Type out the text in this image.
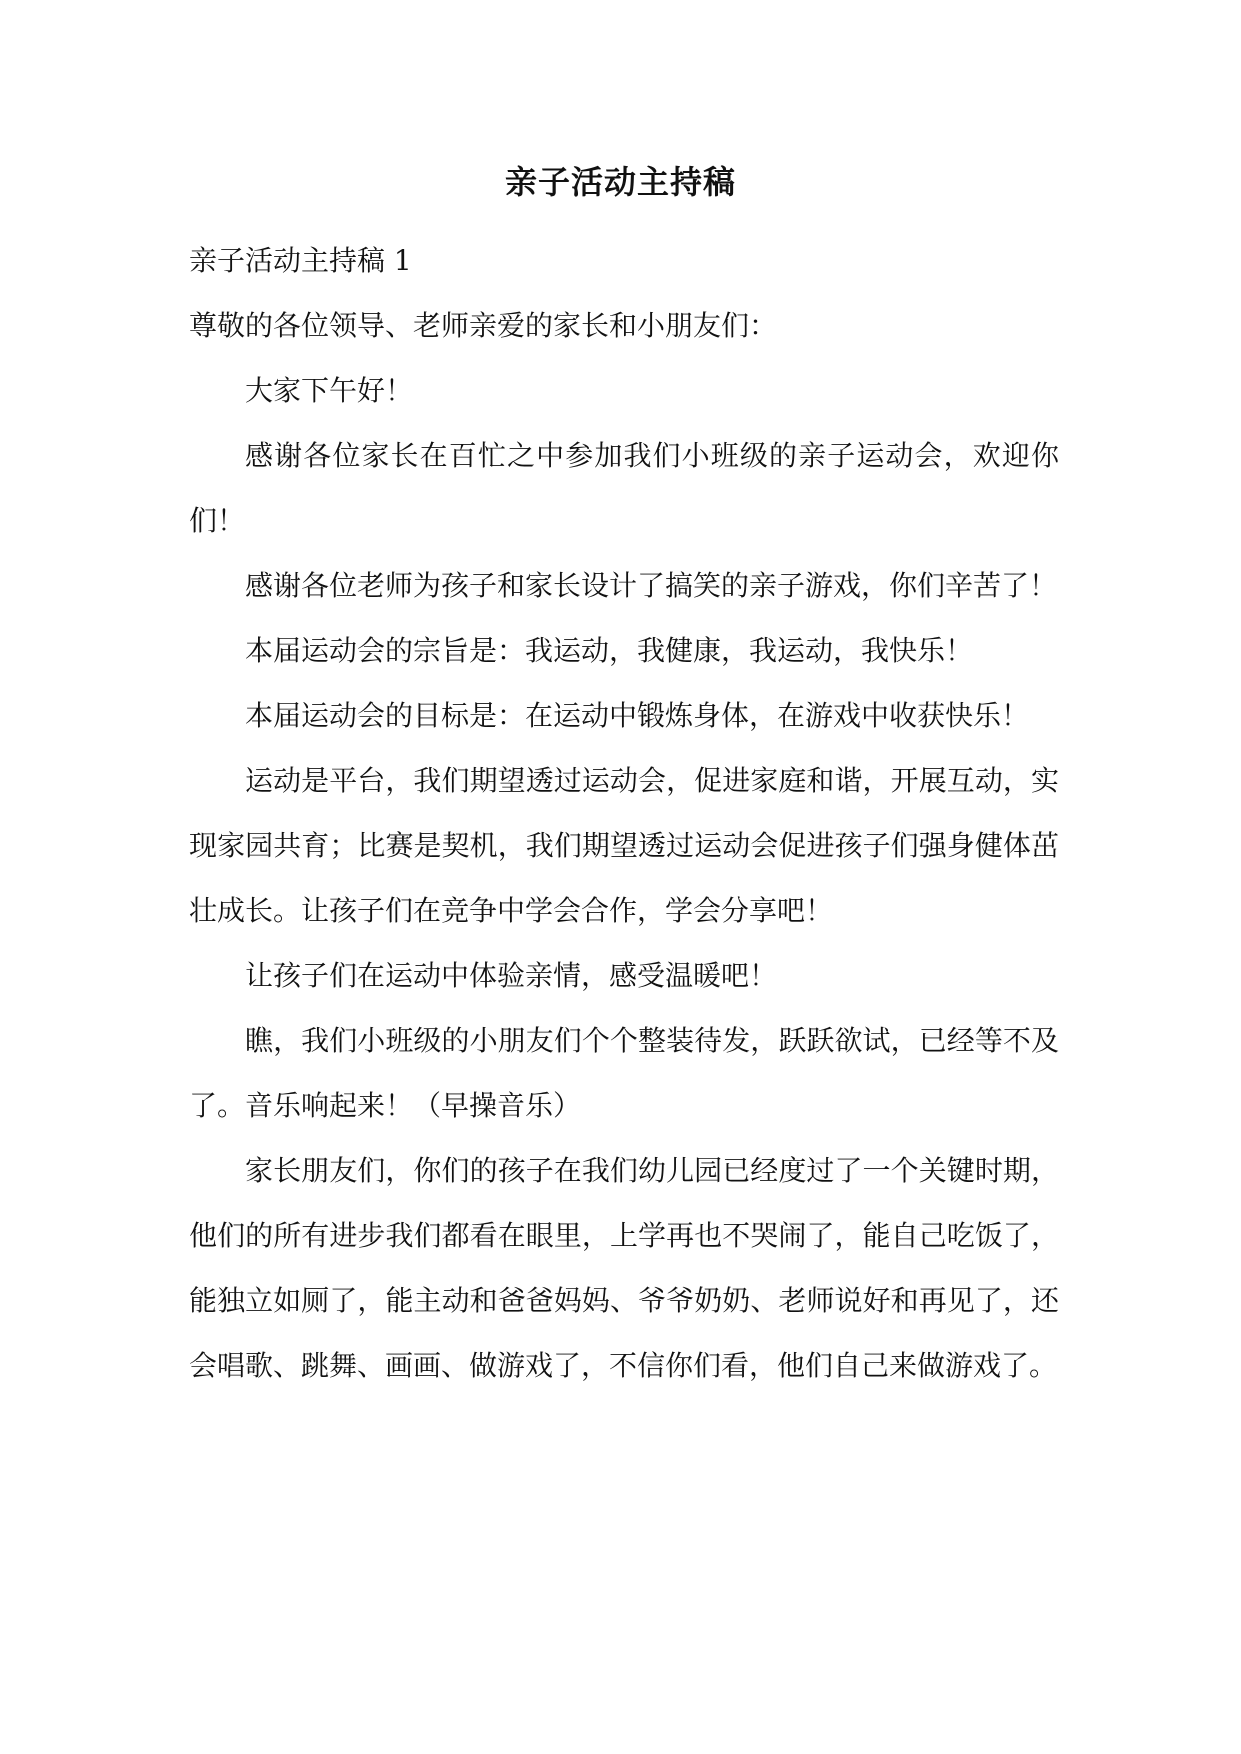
亲子活动主持稿

亲子活动主持稿 1

尊敬的各位领导、老师亲爱的家长和小朋友们：

大家下午好！

感谢各位家长在百忙之中参加我们小班级的亲子运动会，欢迎你们！

感谢各位老师为孩子和家长设计了搞笑的亲子游戏，你们辛苦了！

本届运动会的宗旨是：我运动，我健康，我运动，我快乐！

本届运动会的目标是：在运动中锻炼身体，在游戏中收获快乐！

运动是平台，我们期望透过运动会，促进家庭和谐，开展互动，实现家园共育；比赛是契机，我们期望透过运动会促进孩子们强身健体茁壮成长。让孩子们在竞争中学会合作，学会分享吧！

让孩子们在运动中体验亲情，感受温暖吧！

瞧，我们小班级的小朋友们个个整装待发，跃跃欲试，已经等不及了。音乐响起来！（早操音乐）

家长朋友们，你们的孩子在我们幼儿园已经度过了一个关键时期，他们的所有进步我们都看在眼里，上学再也不哭闹了，能自己吃饭了，能独立如厕了，能主动和爸爸妈妈、爷爷奶奶、老师说好和再见了，还会唱歌、跳舞、画画、做游戏了，不信你们看，他们自己来做游戏了。
